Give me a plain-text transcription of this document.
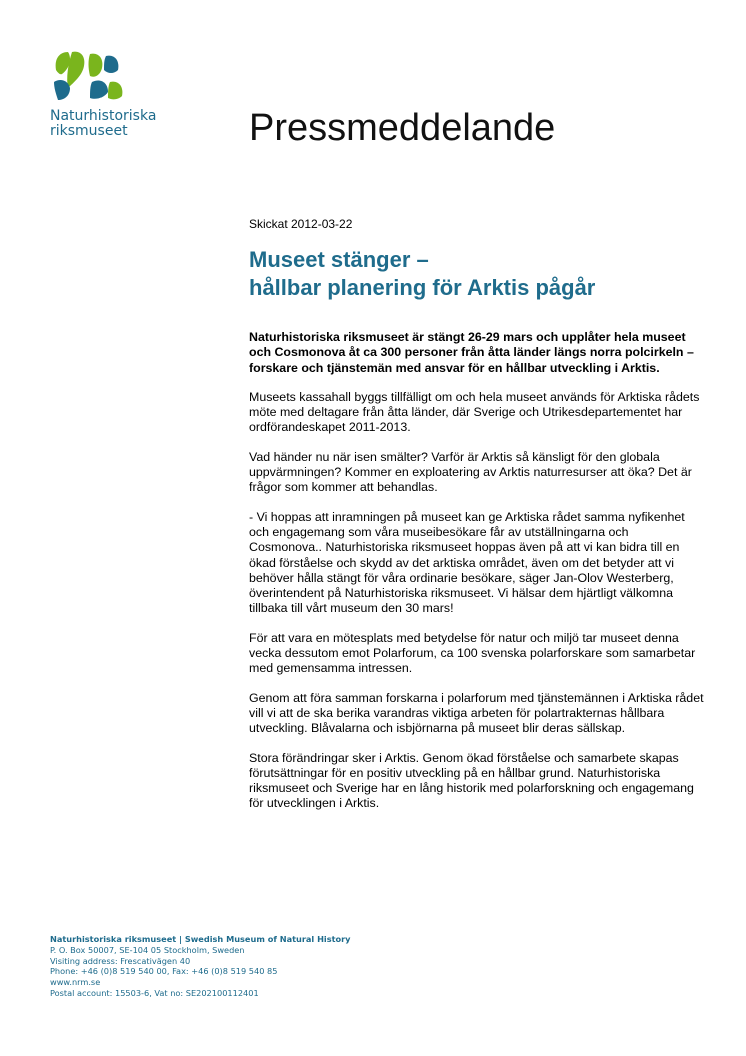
Naturhistoriska
riksmuseet	Pressmeddelande

Skickat 2012-03-22

Museet stänger –
hållbar planering för Arktis pågår

Naturhistoriska riksmuseet är stängt 26-29 mars och upplåter hela museet och Cosmonova åt ca 300 personer från åtta länder längs norra polcirkeln – forskare och tjänstemän med ansvar för en hållbar utveckling i Arktis.

Museets kassahall byggs tillfälligt om och hela museet används för Arktiska rådets möte med deltagare från åtta länder, där Sverige och Utrikesdepartementet har ordförandeskapet 2011-2013.

Vad händer nu när isen smälter? Varför är Arktis så känsligt för den globala uppvärmningen? Kommer en exploatering av Arktis naturresurser att öka? Det är frågor som kommer att behandlas.

- Vi hoppas att inramningen på museet kan ge Arktiska rådet samma nyfikenhet och engagemang som våra museibesökare får av utställningarna och Cosmonova.. Naturhistoriska riksmuseet hoppas även på att vi kan bidra till en ökad förståelse och skydd av det arktiska området, även om det betyder att vi behöver hålla stängt för våra ordinarie besökare, säger Jan-Olov Westerberg, överintendent på Naturhistoriska riksmuseet. Vi hälsar dem hjärtligt välkomna tillbaka till vårt museum den 30 mars!

För att vara en mötesplats med betydelse för natur och miljö tar museet denna vecka dessutom emot Polarforum, ca 100 svenska polarforskare som samarbetar med gemensamma intressen.

Genom att föra samman forskarna i polarforum med tjänstemännen i Arktiska rådet vill vi att de ska berika varandras viktiga arbeten för polartrakternas hållbara utveckling. Blåvalarna och isbjörnarna på museet blir deras sällskap.

Stora förändringar sker i Arktis. Genom ökad förståelse och samarbete skapas förutsättningar för en positiv utveckling på en hållbar grund. Naturhistoriska riksmuseet och Sverige har en lång historik med polarforskning och engagemang för utvecklingen i Arktis.

Naturhistoriska riksmuseet | Swedish Museum of Natural History
P. O. Box 50007, SE-104 05 Stockholm, Sweden
Visiting address: Frescativägen 40
Phone: +46 (0)8 519 540 00, Fax: +46 (0)8 519 540 85
www.nrm.se
Postal account: 15503-6, Vat no: SE202100112401
